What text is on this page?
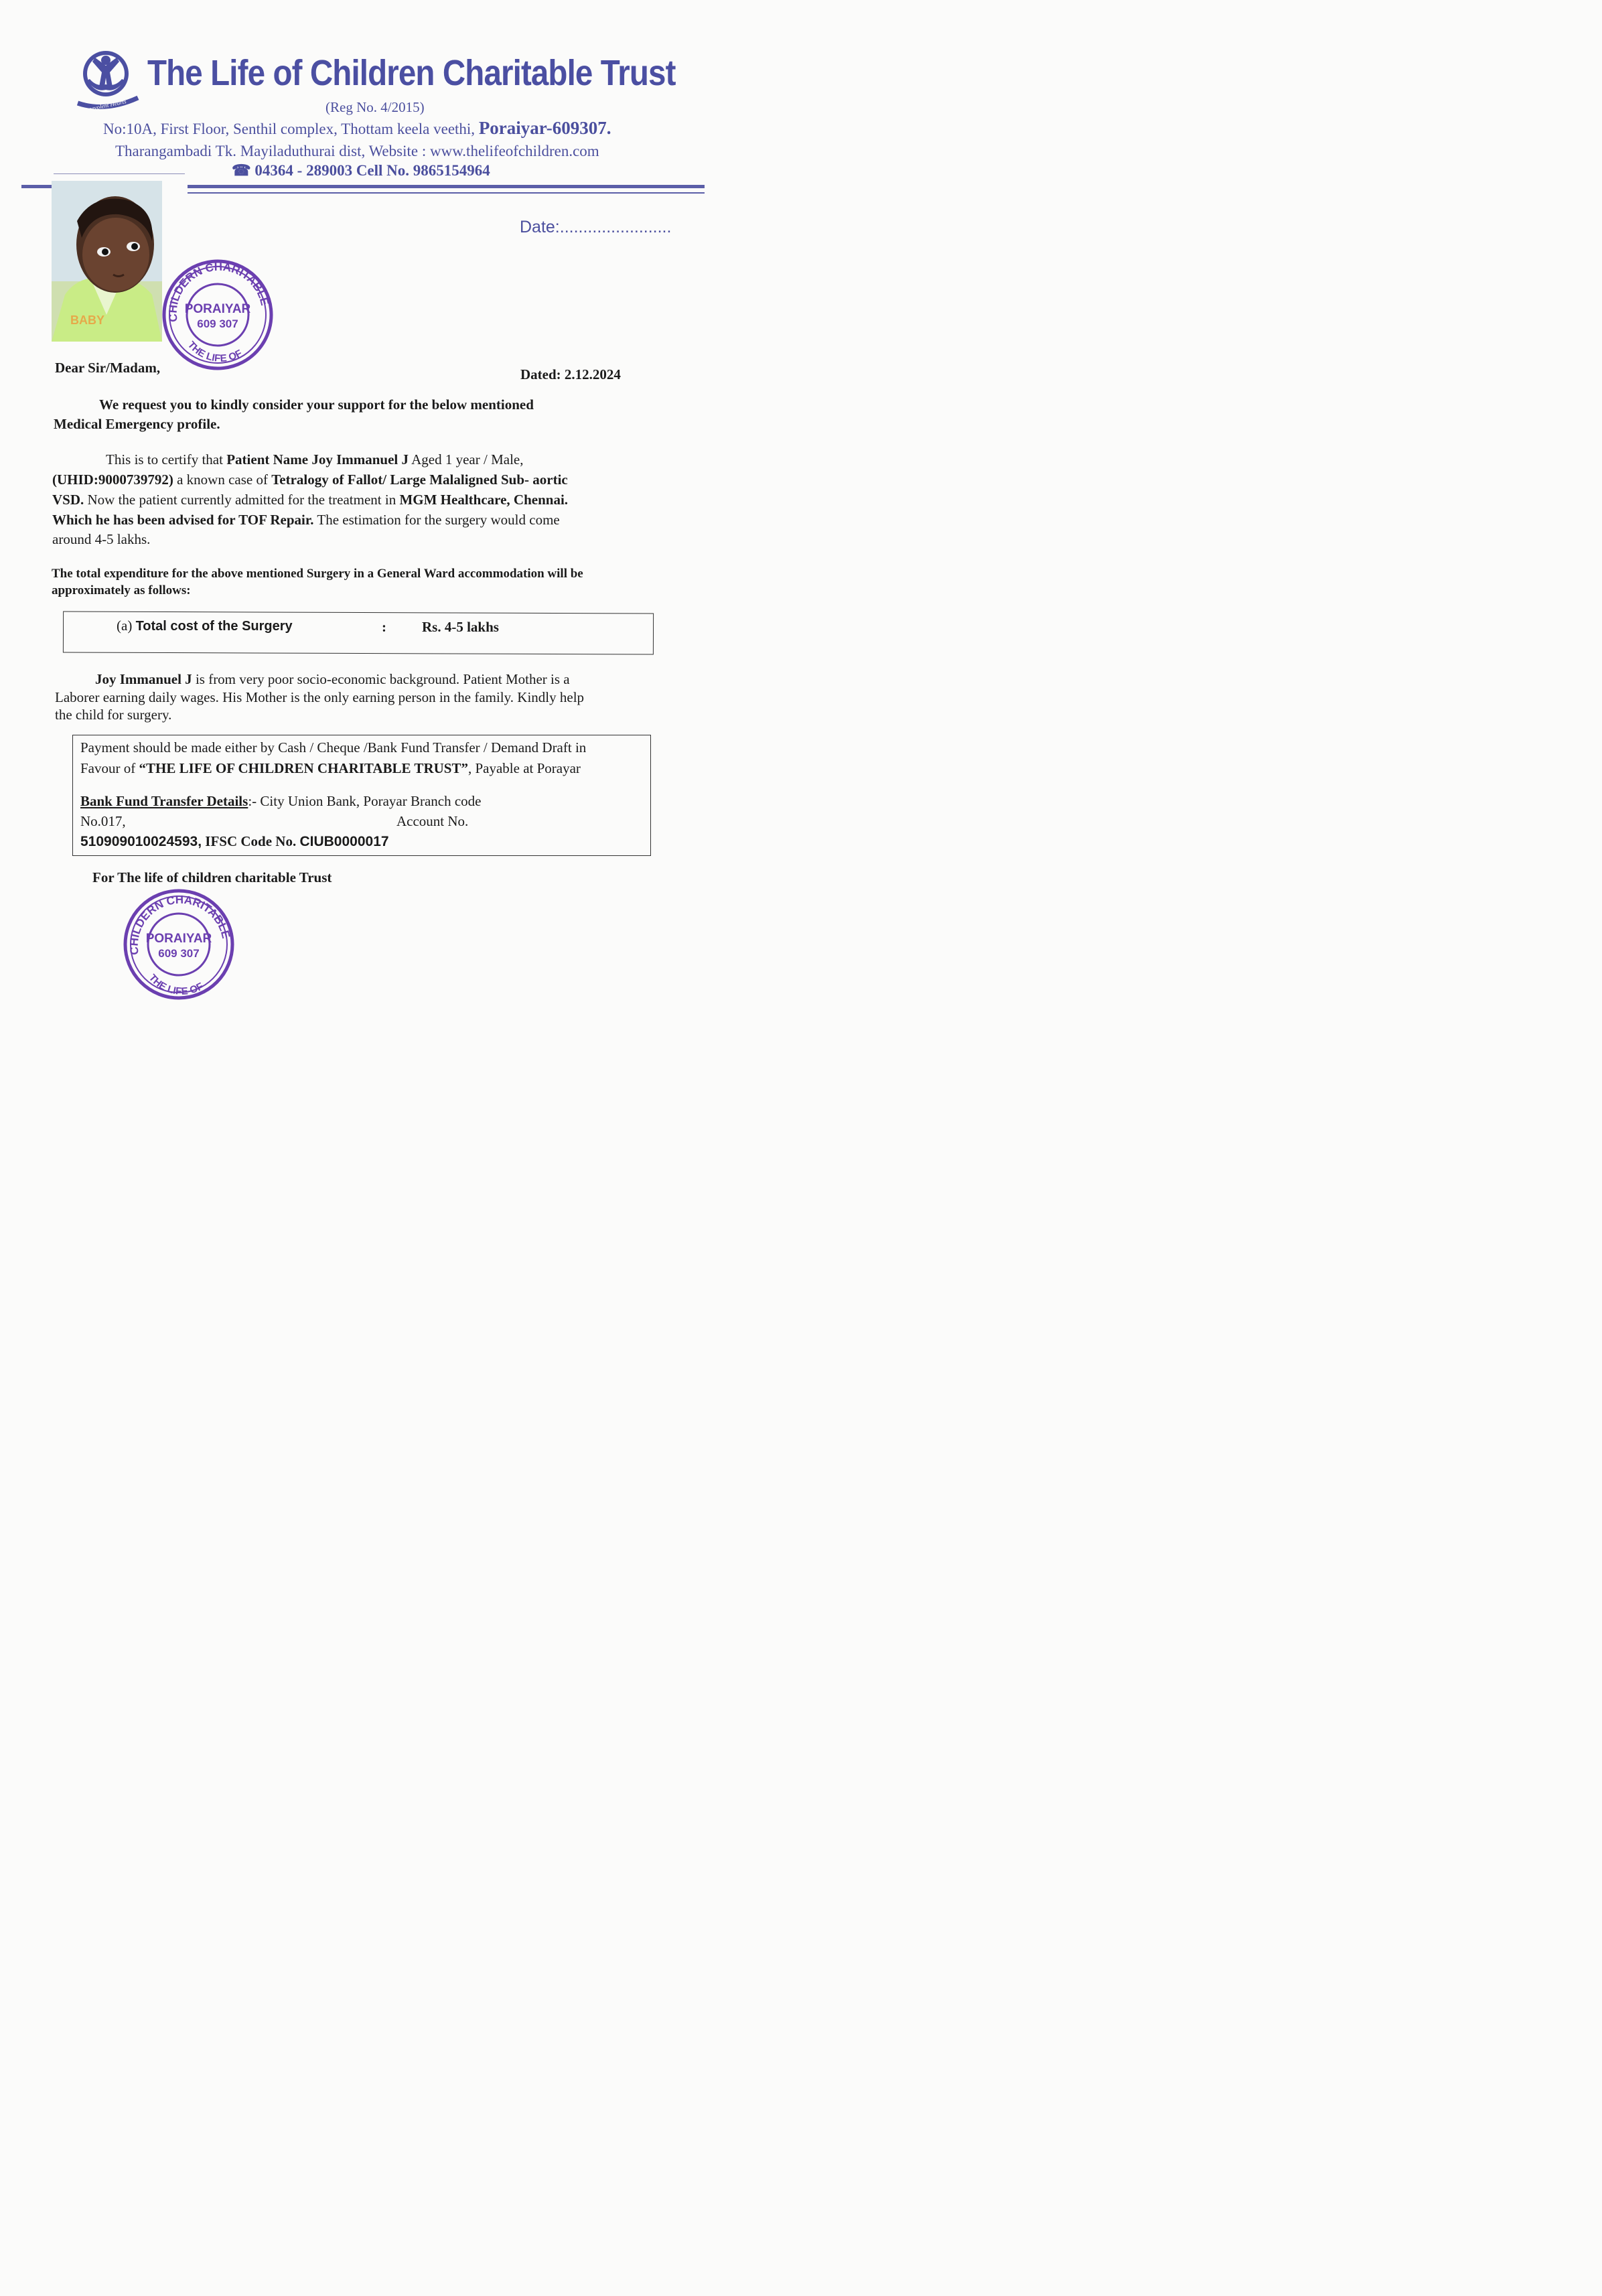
Benevolent Hearts
The Life of Children Charitable Trust
(Reg No. 4/2015)
No:10A, First Floor, Senthil complex, Thottam keela veethi, Poraiyar-609307.
Tharangambadi Tk. Mayiladuthurai dist, Website : www.thelifeofchildren.com
☎ 04364 - 289003 Cell No. 9865154964
BABY
Date:........................
CHILDERN CHARITABLE
THE LIFE OF
PORAIYAR
609 307
Dear Sir/Madam,	Dated: 2.12.2024
We request you to kindly consider your support for the below mentioned
Medical Emergency profile.
This is to certify that Patient Name Joy Immanuel J Aged 1 year / Male,
(UHID:9000739792) a known case of Tetralogy of Fallot/ Large Malaligned Sub- aortic
VSD. Now the patient currently admitted for the treatment in MGM Healthcare, Chennai.
Which he has been advised for TOF Repair. The estimation for the surgery would come
around 4-5 lakhs.
The total expenditure for the above mentioned Surgery in a General Ward accommodation will be
approximately as follows:
(a) Total cost of the Surgery	:	Rs. 4-5 lakhs
Joy Immanuel J is from very poor socio-economic background. Patient Mother is a
Laborer earning daily wages. His Mother is the only earning person in the family. Kindly help
the child for surgery.
Payment should be made either by Cash / Cheque /Bank Fund Transfer / Demand Draft in
Favour of “THE LIFE OF CHILDREN CHARITABLE TRUST”, Payable at Porayar
Bank Fund Transfer Details:- City Union Bank, Porayar Branch code
No.017,	Account No.
510909010024593, IFSC Code No. CIUB0000017
For The life of children charitable Trust
CHILDERN CHARITABLE
THE LIFE OF
PORAIYAR
609 307
